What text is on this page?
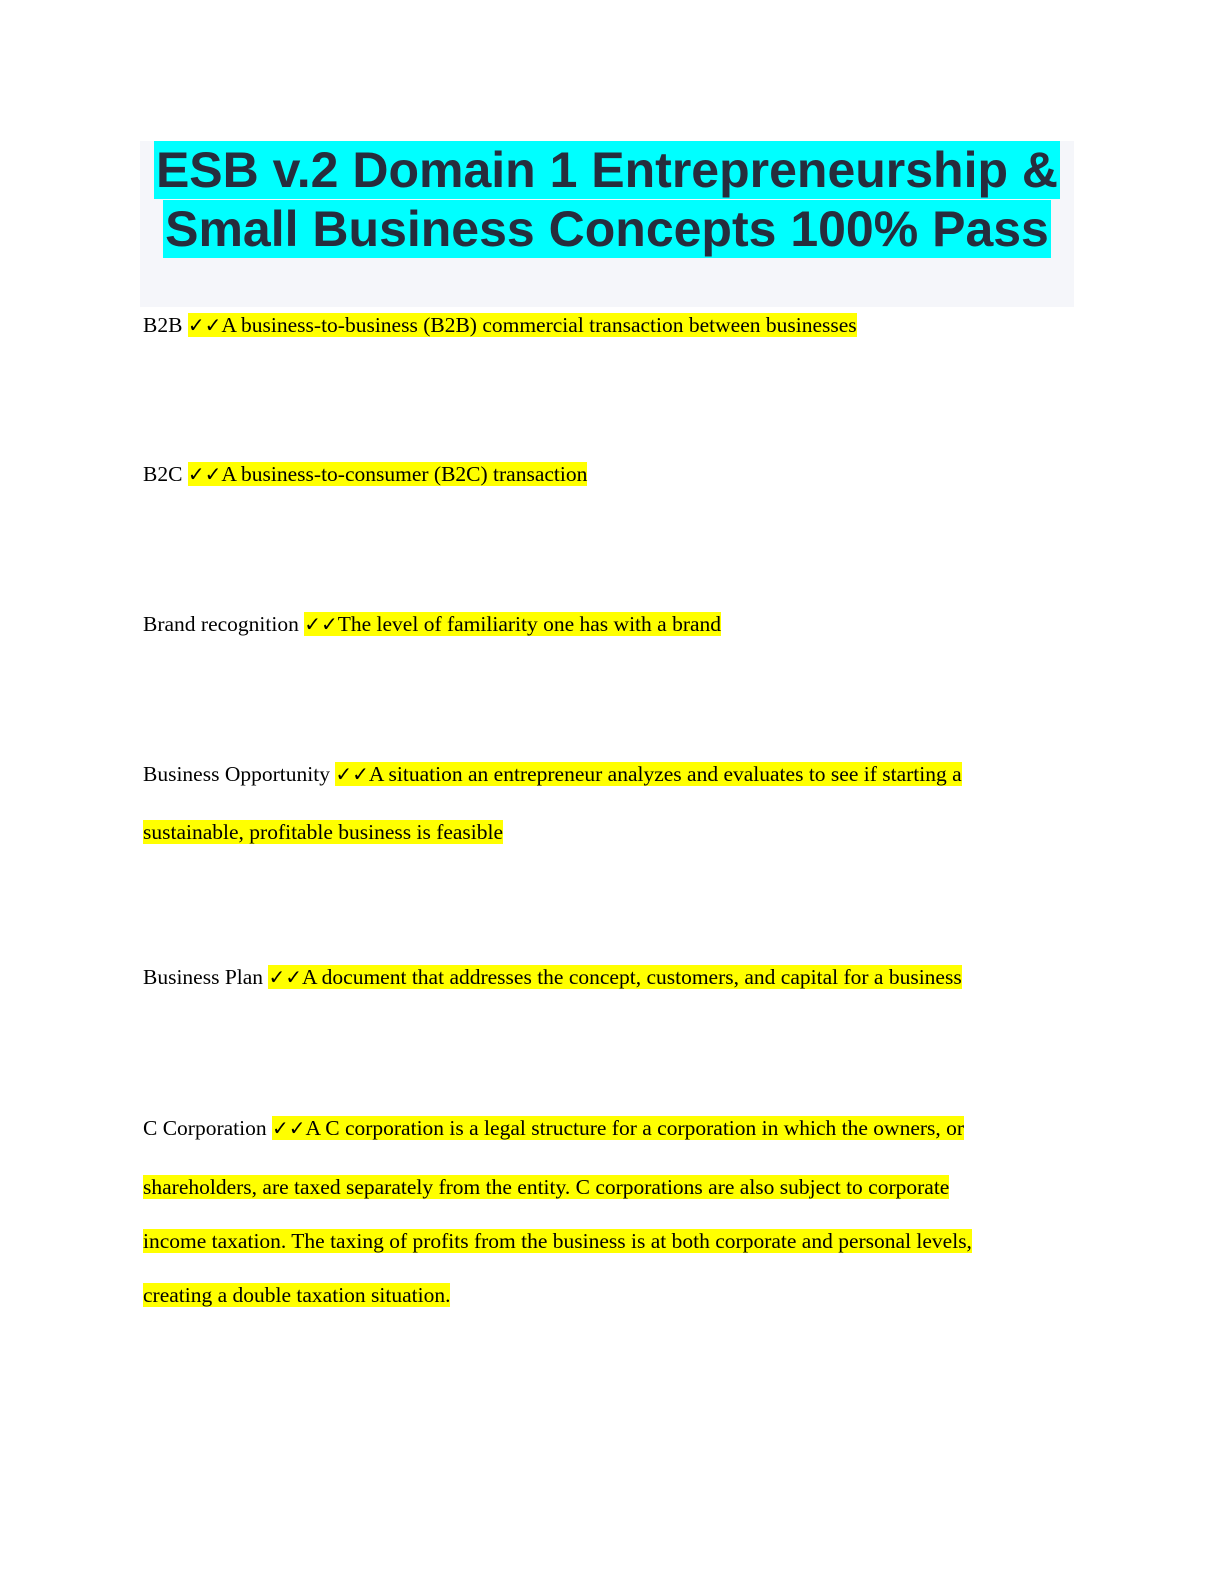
ESB v.2 Domain 1 Entrepreneurship &
Small Business Concepts 100% Pass

B2B ✓✓A business-to-business (B2B) commercial transaction between businesses

B2C ✓✓A business-to-consumer (B2C) transaction

Brand recognition ✓✓The level of familiarity one has with a brand

Business Opportunity ✓✓A situation an entrepreneur analyzes and evaluates to see if starting a
sustainable, profitable business is feasible

Business Plan ✓✓A document that addresses the concept, customers, and capital for a business

C Corporation ✓✓A C corporation is a legal structure for a corporation in which the owners, or
shareholders, are taxed separately from the entity. C corporations are also subject to corporate
income taxation. The taxing of profits from the business is at both corporate and personal levels,
creating a double taxation situation.
